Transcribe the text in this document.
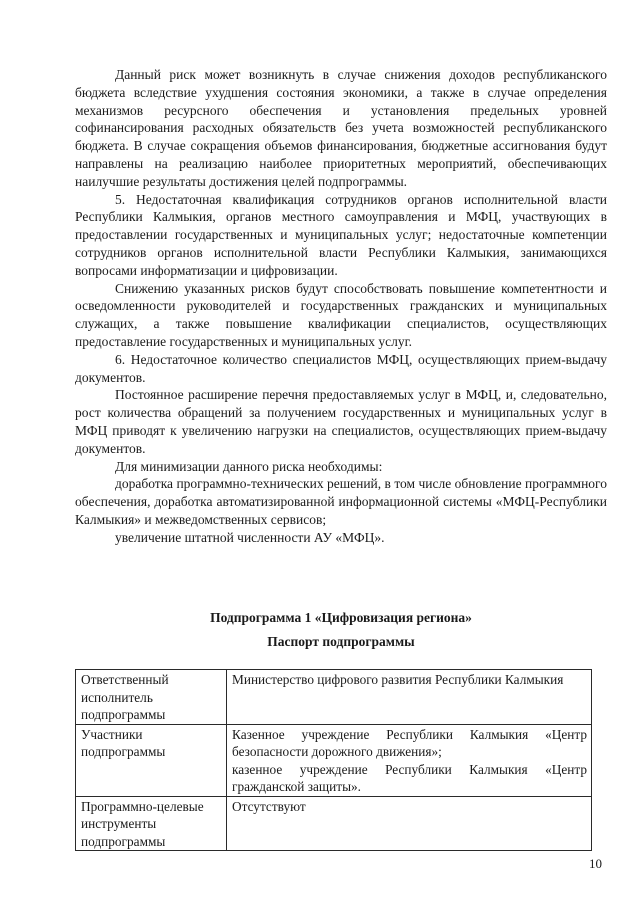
Данный риск может возникнуть в случае снижения доходов республиканского бюджета вследствие ухудшения состояния экономики, а также в случае определения механизмов ресурсного обеспечения и установления предельных уровней софинансирования расходных обязательств без учета возможностей республиканского бюджета. В случае сокращения объемов финансирования, бюджетные ассигнования будут направлены на реализацию наиболее приоритетных мероприятий, обеспечивающих наилучшие результаты достижения целей подпрограммы.

5. Недостаточная квалификация сотрудников органов исполнительной власти Республики Калмыкия, органов местного самоуправления и МФЦ, участвующих в предоставлении государственных и муниципальных услуг; недостаточные компетенции сотрудников органов исполнительной власти Республики Калмыкия, занимающихся вопросами информатизации и цифровизации.

Снижению указанных рисков будут способствовать повышение компетентности и осведомленности руководителей и государственных гражданских и муниципальных служащих, а также повышение квалификации специалистов, осуществляющих предоставление государственных и муниципальных услуг.

6. Недостаточное количество специалистов МФЦ, осуществляющих прием-выдачу документов.

Постоянное расширение перечня предоставляемых услуг в МФЦ, и, следовательно, рост количества обращений за получением государственных и муниципальных услуг в МФЦ приводят к увеличению нагрузки на специалистов, осуществляющих прием-выдачу документов.

Для минимизации данного риска необходимы:

доработка программно-технических решений, в том числе обновление программного обеспечения, доработка автоматизированной информационной системы «МФЦ-Республики Калмыкия» и межведомственных сервисов;

увеличение штатной численности АУ «МФЦ».

Подпрограмма 1 «Цифровизация региона»
Паспорт подпрограммы
Ответственный исполнитель подпрограммы	Министерство цифрового развития Республики Калмыкия

Участники подпрограммы	Казенное учреждение Республики Калмыкия «Центр безопасности дорожного движения»;
казенное учреждение Республики Калмыкия «Центр гражданской защиты».

Программно-целевые инструменты подпрограммы	Отсутствуют
10
